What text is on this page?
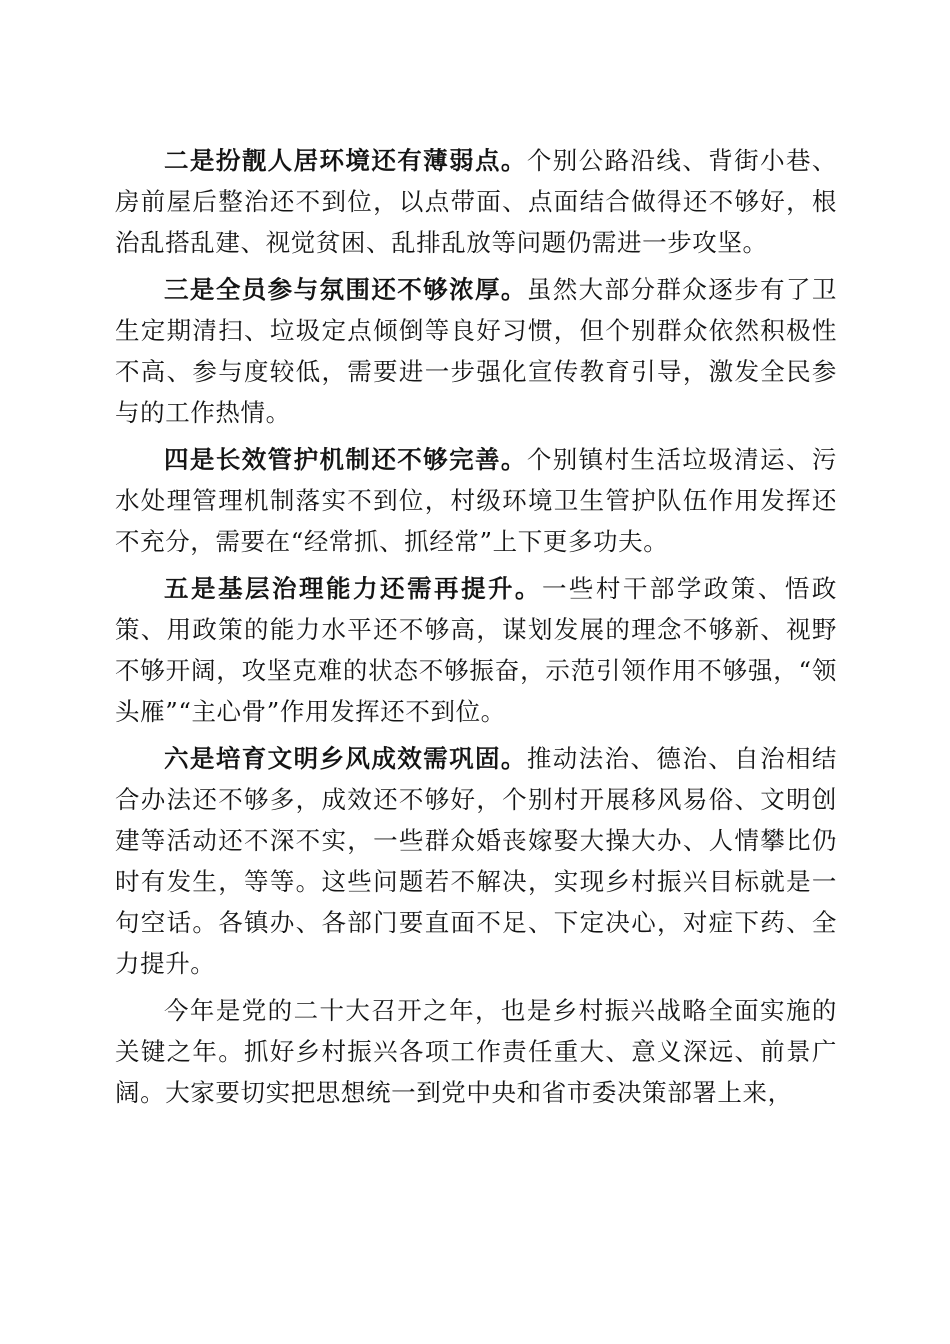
二是扮靓人居环境还有薄弱点。个别公路沿线、背街小巷、房前屋后整治还不到位，以点带面、点面结合做得还不够好，根治乱搭乱建、视觉贫困、乱排乱放等问题仍需进一步攻坚。

三是全员参与氛围还不够浓厚。虽然大部分群众逐步有了卫生定期清扫、垃圾定点倾倒等良好习惯，但个别群众依然积极性不高、参与度较低，需要进一步强化宣传教育引导，激发全民参与的工作热情。

四是长效管护机制还不够完善。个别镇村生活垃圾清运、污水处理管理机制落实不到位，村级环境卫生管护队伍作用发挥还不充分，需要在“经常抓、抓经常”上下更多功夫。

五是基层治理能力还需再提升。一些村干部学政策、悟政策、用政策的能力水平还不够高，谋划发展的理念不够新、视野不够开阔，攻坚克难的状态不够振奋，示范引领作用不够强，“领头雁”“主心骨”作用发挥还不到位。

六是培育文明乡风成效需巩固。推动法治、德治、自治相结合办法还不够多，成效还不够好，个别村开展移风易俗、文明创建等活动还不深不实，一些群众婚丧嫁娶大操大办、人情攀比仍时有发生，等等。这些问题若不解决，实现乡村振兴目标就是一句空话。各镇办、各部门要直面不足、下定决心，对症下药、全力提升。

今年是党的二十大召开之年，也是乡村振兴战略全面实施的关键之年。抓好乡村振兴各项工作责任重大、意义深远、前景广阔。大家要切实把思想统一到党中央和省市委决策部署上来，
